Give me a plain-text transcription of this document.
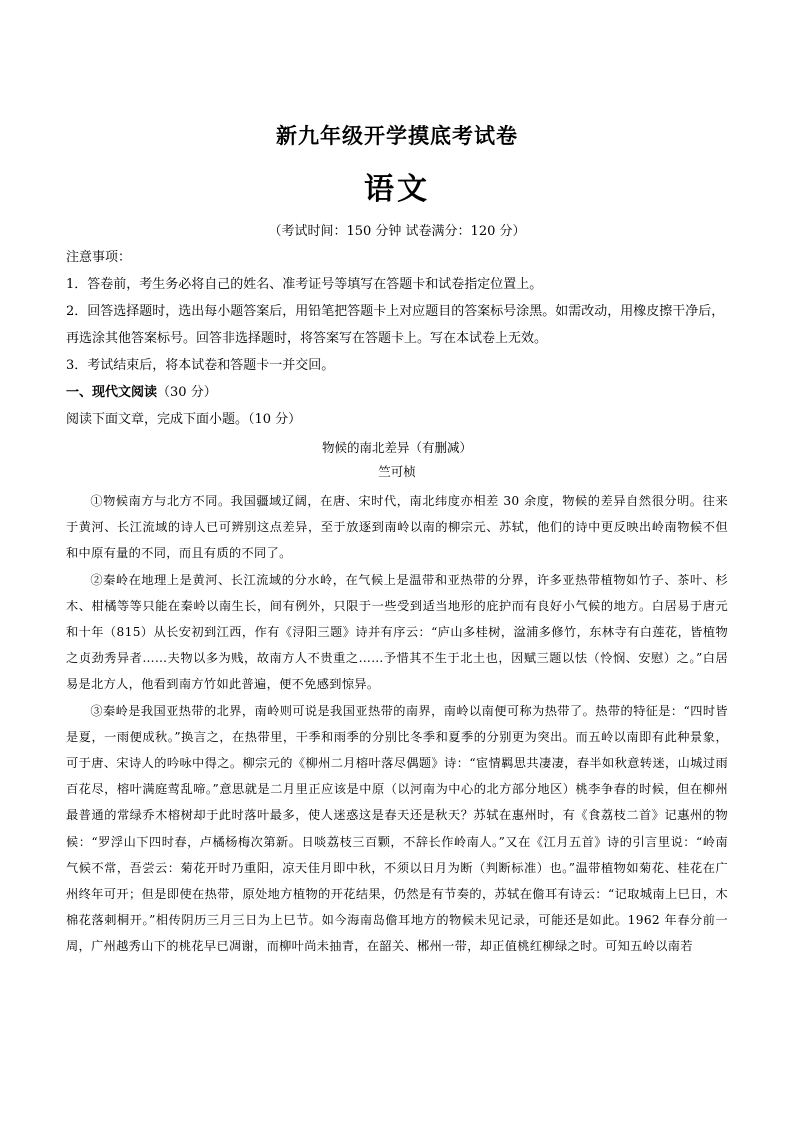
新九年级开学摸底考试卷
语文
（考试时间：150 分钟 试卷满分：120 分）
注意事项：
1．答卷前，考生务必将自己的姓名、准考证号等填写在答题卡和试卷指定位置上。
2．回答选择题时，选出每小题答案后，用铅笔把答题卡上对应题目的答案标号涂黑。如需改动，用橡皮擦干净后，再选涂其他答案标号。回答非选择题时，将答案写在答题卡上。写在本试卷上无效。
3．考试结束后，将本试卷和答题卡一并交回。
一、现代文阅读（30 分）
阅读下面文章，完成下面小题。（10 分）
物候的南北差异（有删减）
竺可桢

①物候南方与北方不同。我国疆域辽阔，在唐、宋时代，南北纬度亦相差 30 余度，物候的差异自然很分明。往来于黄河、长江流域的诗人已可辨别这点差异，至于放逐到南岭以南的柳宗元、苏轼，他们的诗中更反映出岭南物候不但和中原有量的不同，而且有质的不同了。

②秦岭在地理上是黄河、长江流域的分水岭，在气候上是温带和亚热带的分界，许多亚热带植物如竹子、茶叶、杉木、柑橘等等只能在秦岭以南生长，间有例外，只限于一些受到适当地形的庇护而有良好小气候的地方。白居易于唐元和十年（815）从长安初到江西，作有《浔阳三题》诗并有序云：“庐山多桂树，湓浦多修竹，东林寺有白莲花，皆植物之贞劲秀异者……夫物以多为贱，故南方人不贵重之……予惜其不生于北土也，因赋三题以怯（怜悯、安慰）之。”白居易是北方人，他看到南方竹如此普遍，便不免感到惊异。

③秦岭是我国亚热带的北界，南岭则可说是我国亚热带的南界，南岭以南便可称为热带了。热带的特征是：“四时皆是夏，一雨便成秋。”换言之，在热带里，干季和雨季的分别比冬季和夏季的分别更为突出。而五岭以南即有此种景象，可于唐、宋诗人的吟咏中得之。柳宗元的《柳州二月榕叶落尽偶题》诗：“宦情羁思共凄凄，春半如秋意转迷，山城过雨百花尽，榕叶满庭莺乱啼。”意思就是二月里正应该是中原（以河南为中心的北方部分地区）桃李争春的时候，但在柳州最普通的常绿乔木榕树却于此时落叶最多，使人迷惑这是春天还是秋天？苏轼在惠州时，有《食荔枝二首》记惠州的物候：“罗浮山下四时春，卢橘杨梅次第新。日啖荔枝三百颗，不辞长作岭南人。”又在《江月五首》诗的引言里说：“岭南气候不常，吾尝云：菊花开时乃重阳，凉天佳月即中秋，不须以日月为断（判断标准）也。”温带植物如菊花、桂花在广州终年可开；但是即使在热带，原处地方植物的开花结果，仍然是有节奏的，苏轼在儋耳有诗云：“记取城南上巳日，木棉花落刺桐开。”相传阴历三月三日为上巳节。如今海南岛儋耳地方的物候未见记录，可能还是如此。1962 年春分前一周，广州越秀山下的桃花早已凋谢，而柳叶尚未抽青，在韶关、郴州一带，却正值桃红柳绿之时。可知五岭以南若
